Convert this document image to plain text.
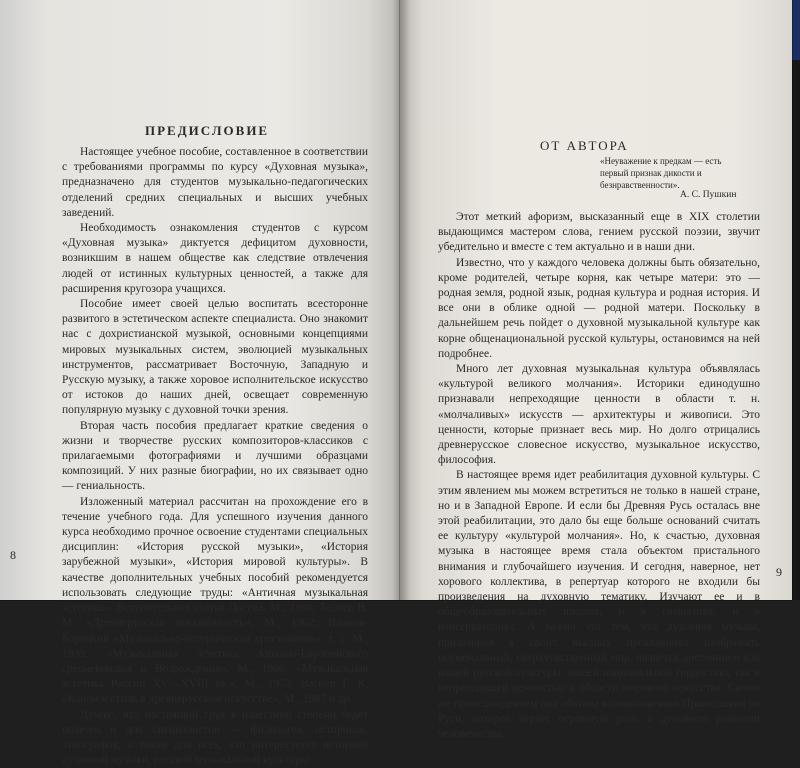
ПРЕДИСЛОВИЕ

Настоящее учебное пособие, составленное в соответствии с требованиями программы по курсу «Духовная музыка», предназначено для студентов музыкально-педагогических отделений средних специальных и высших учебных заведений.

Необходимость ознакомления студентов с курсом «Духовная музыка» диктуется дефицитом духовности, возникшим в нашем обществе как следствие отвлечения людей от истинных культурных ценностей, а также для расширения кругозора учащихся.

Пособие имеет своей целью воспитать всесторонне развитого в эстетическом аспекте специалиста. Оно знакомит нас с дохристианской музыкой, основными концепциями мировых музыкальных систем, эволюцией музыкальных инструментов, рассматривает Восточную, Западную и Русскую музыку, а также хоровое исполнительское искусство от истоков до наших дней, освещает современную популярную музыку с духовной точки зрения.

Вторая часть пособия предлагает краткие сведения о жизни и творчестве русских композиторов-классиков с прилагаемыми фотографиями и лучшими образцами композиций. У них разные биографии, но их связывает одно — гениальность.

Изложенный материал рассчитан на прохождение его в течение учебного года. Для успешного изучения данного курса необходимо прочное освоение студентами специальных дисциплин: «История русской музыки», «История зарубежной музыки», «История мировой культуры». В качестве дополнительных учебных пособий рекомендуется использовать следующие труды: «Античная музыкальная эстетика». Вступительная статья Лосева. М., 1960; Беляев В. М. «Древнерусская письменность», М., 1962; Иванов-Борецкий «Музыкально-историческая хрестоматия», т. 1, М., 1933; «Музыкальная эстетика Западно-Европейского средневековья и Возрождения», М., 1966; «Музыкальная эстетика России XV—XVIII вв.», М., 1973; Вагнер Г. К. «Канон и стиль в древнерусском искусстве», М., 1987 и др.

Думаю, что настоящий труд в известной степени будет полезен и для специалистов — филологов, историков, этнографов, а также для всех, кто интересуется историей духовной музыки, русской музыкальной культуры.

8
ОТ АВТОРА
«Неуважение к предкам — есть первый признак дикости и безнравственности».
А. С. Пушкин

Этот меткий афоризм, высказанный еще в XIX столетии выдающимся мастером слова, гением русской поэзии, звучит убедительно и вместе с тем актуально и в наши дни.

Известно, что у каждого человека должны быть обязательно, кроме родителей, четыре корня, как четыре матери: это — родная земля, родной язык, родная культура и родная история. И все они в облике одной — родной матери. Поскольку в дальнейшем речь пойдет о духовной музыкальной культуре как корне общенациональной русской культуры, остановимся на ней подробнее.

Много лет духовная музыкальная культура объявлялась «культурой великого молчания». Историки единодушно признавали непреходящие ценности в области т. н. «молчаливых» искусств — архитектуры и живописи. Это ценности, которые признает весь мир. Но долго отрицались древнерусское словесное искусство, музыкальное искусство, философия.

В настоящее время идет реабилитация духовной культуры. С этим явлением мы можем встретиться не только в нашей стране, но и в Западной Европе. И если бы Древняя Русь осталась вне этой реабилитации, это дало бы еще больше оснований считать ее культуру «культурой молчания». Но, к счастью, духовная музыка в настоящее время стала объектом пристального внимания и глубочайшего изучения. И сегодня, наверное, нет хорового коллектива, в репертуар которого не входили бы произведения на духовную тематику. Изучают ее и в общеобразовательных школах, и в гимназиях, и в консерваториях. А важно это тем, что духовная музыка, призванная в своих высших проявлениях изображать ноуменальный, сверхчувственный мир, является достоянием как нашей русской культуры, нашей национальной гордостью, так и непреходящей ценностью в области мирового искусства. Своим же происхождением она обязана возникновению Православия на Руси, которое играет огромную роль в духовном развитии человечества.

9
